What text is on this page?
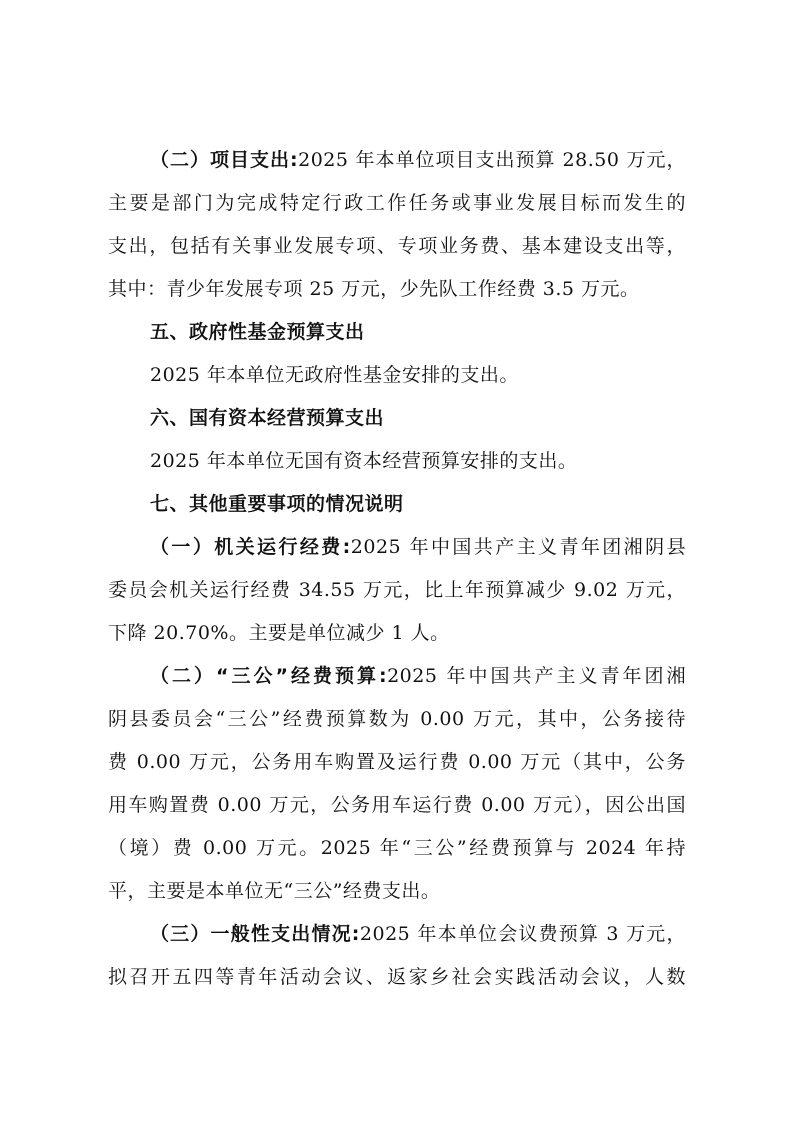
（二）项目支出:2025 年本单位项目支出预算 28.50 万元，
主要是部门为完成特定行政工作任务或事业发展目标而发生的
支出，包括有关事业发展专项、专项业务费、基本建设支出等，
其中：青少年发展专项 25 万元，少先队工作经费 3.5 万元。
五、政府性基金预算支出
2025 年本单位无政府性基金安排的支出。
六、国有资本经营预算支出
2025 年本单位无国有资本经营预算安排的支出。
七、其他重要事项的情况说明
（一）机关运行经费:2025 年中国共产主义青年团湘阴县
委员会机关运行经费 34.55 万元，比上年预算减少 9.02 万元，
下降 20.70%。主要是单位减少 1 人。
（二）“三公”经费预算:2025 年中国共产主义青年团湘
阴县委员会“三公”经费预算数为 0.00 万元，其中，公务接待
费 0.00 万元，公务用车购置及运行费 0.00 万元（其中，公务
用车购置费 0.00 万元，公务用车运行费 0.00 万元），因公出国
（境）费 0.00 万元。2025 年“三公”经费预算与 2024 年持
平，主要是本单位无“三公”经费支出。
（三）一般性支出情况:2025 年本单位会议费预算 3 万元，
拟召开五四等青年活动会议、返家乡社会实践活动会议，人数
